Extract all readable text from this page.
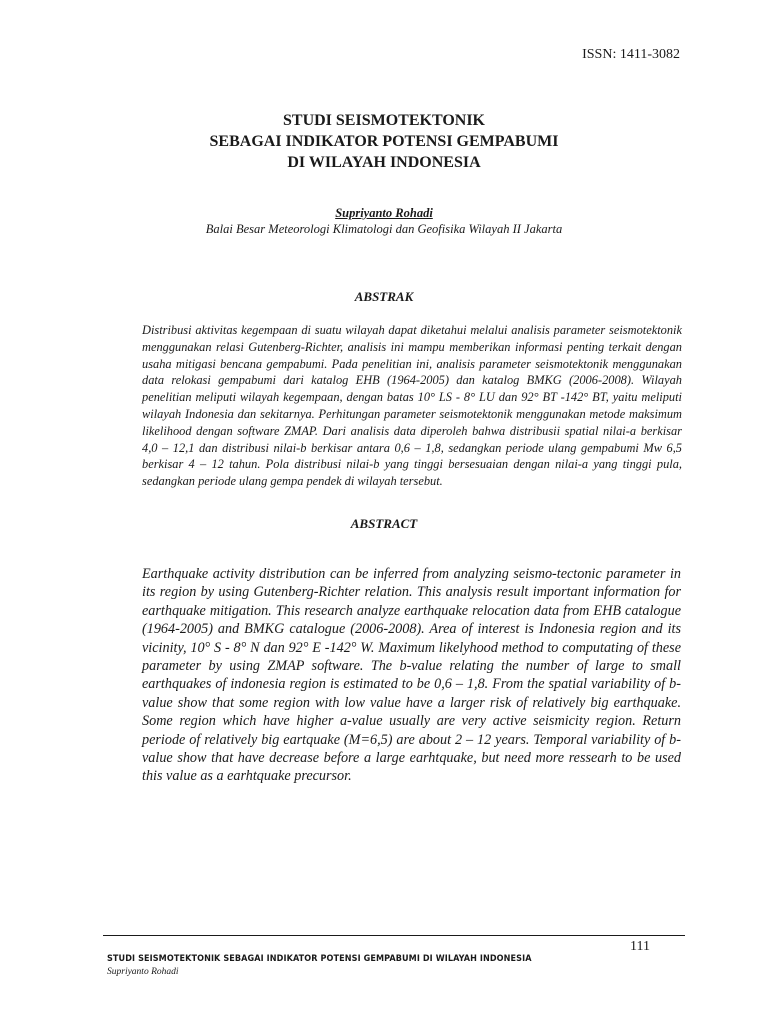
ISSN: 1411-3082
STUDI SEISMOTEKTONIK
SEBAGAI INDIKATOR POTENSI GEMPABUMI
DI WILAYAH INDONESIA
Supriyanto Rohadi
Balai Besar Meteorologi Klimatologi dan Geofisika Wilayah II Jakarta
ABSTRAK
Distribusi aktivitas kegempaan di suatu wilayah dapat diketahui melalui analisis parameter seismotektonik menggunakan relasi Gutenberg-Richter, analisis ini mampu memberikan informasi penting terkait dengan usaha mitigasi bencana gempabumi. Pada penelitian ini, analisis parameter seismotektonik menggunakan data relokasi gempabumi dari katalog EHB (1964-2005) dan katalog BMKG (2006-2008). Wilayah penelitian meliputi wilayah kegempaan, dengan batas 10° LS - 8° LU dan 92° BT -142° BT, yaitu meliputi wilayah Indonesia dan sekitarnya. Perhitungan parameter seismotektonik menggunakan metode maksimum likelihood dengan software ZMAP. Dari analisis data diperoleh bahwa distribusii spatial nilai-a berkisar 4,0 – 12,1 dan distribusi nilai-b berkisar antara 0,6 – 1,8, sedangkan periode ulang gempabumi Mw 6,5 berkisar 4 – 12 tahun. Pola distribusi nilai-b yang tinggi bersesuaian dengan nilai-a yang tinggi pula, sedangkan periode ulang gempa pendek di wilayah tersebut.
ABSTRACT
Earthquake activity distribution can be inferred from analyzing seismo-tectonic parameter in its region by using Gutenberg-Richter relation. This analysis result important information for earthquake mitigation. This research analyze earthquake relocation data from EHB catalogue (1964-2005) and BMKG catalogue (2006-2008). Area of interest is Indonesia region and its vicinity, 10° S - 8° N dan 92° E -142° W. Maximum likelyhood method to computating of these parameter by using ZMAP software. The b-value relating the number of large to small earthquakes of indonesia region is estimated to be 0,6 – 1,8. From the spatial variability of b-value show that some region with low value have a larger risk of relatively big earthquake. Some region which have higher a-value usually are very active seismicity region. Return periode of relatively big eartquake (M=6,5) are about 2 – 12 years. Temporal variability of b-value show that have decrease before a large earhtquake, but need more ressearh to be used this value as a earhtquake precursor.
111
STUDI SEISMOTEKTONIK SEBAGAI INDIKATOR POTENSI GEMPABUMI DI WILAYAH INDONESIA
Supriyanto Rohadi
